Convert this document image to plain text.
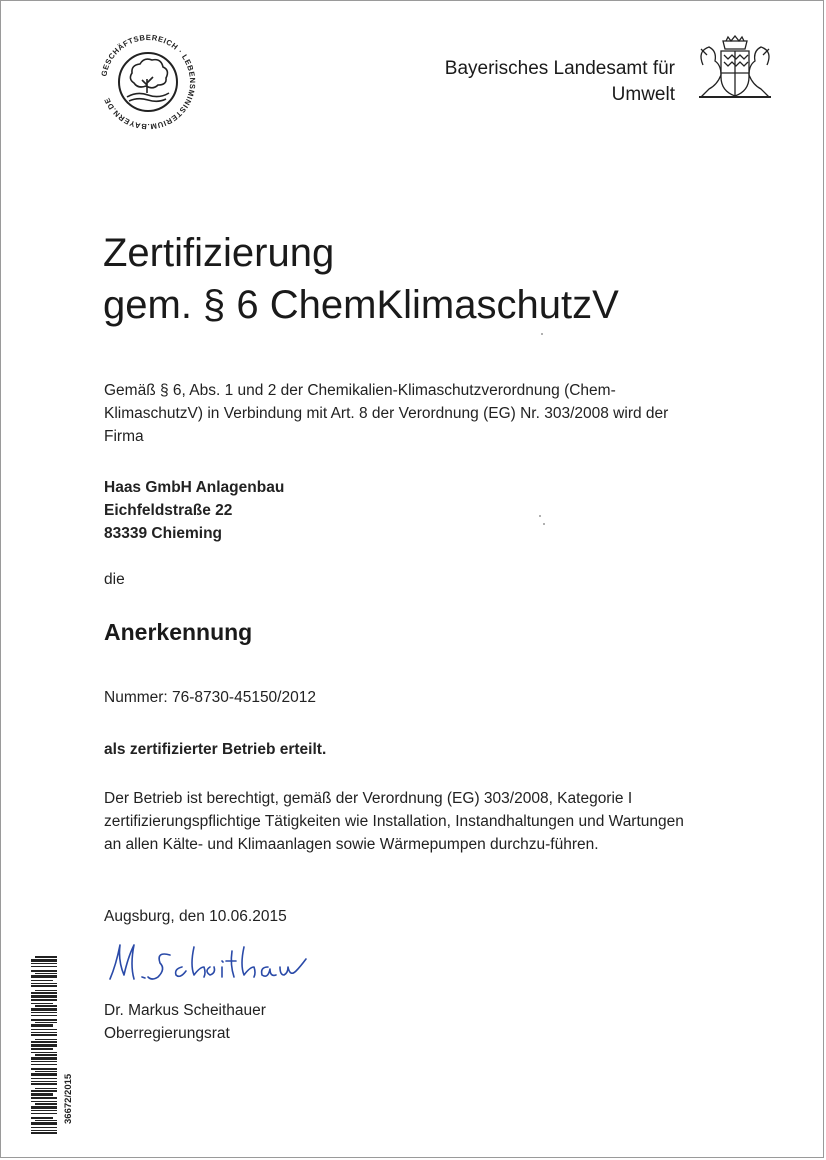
GESCHÄFTSBEREICH · LEBENSMINISTERIUM.BAYERN.DE
Bayerisches Landesamt für
Umwelt
Zertifizierung
gem. § 6 ChemKlimaschutzV
Gemäß § 6, Abs. 1 und 2 der Chemikalien-Klimaschutzverordnung (Chem-KlimaschutzV) in Verbindung mit Art. 8 der Verordnung (EG) Nr. 303/2008 wird der Firma
Haas GmbH Anlagenbau
Eichfeldstraße 22
83339 Chieming
die
Anerkennung
Nummer: 76-8730-45150/2012
als zertifizierter Betrieb erteilt.
Der Betrieb ist berechtigt, gemäß der Verordnung (EG) 303/2008, Kategorie I zertifizierungspflichtige Tätigkeiten wie Installation, Instandhaltungen und Wartungen an allen Kälte- und Klimaanlagen sowie Wärmepumpen durchzu-führen.
Augsburg, den 10.06.2015
Dr. Markus Scheithauer
Oberregierungsrat
36672/2015
